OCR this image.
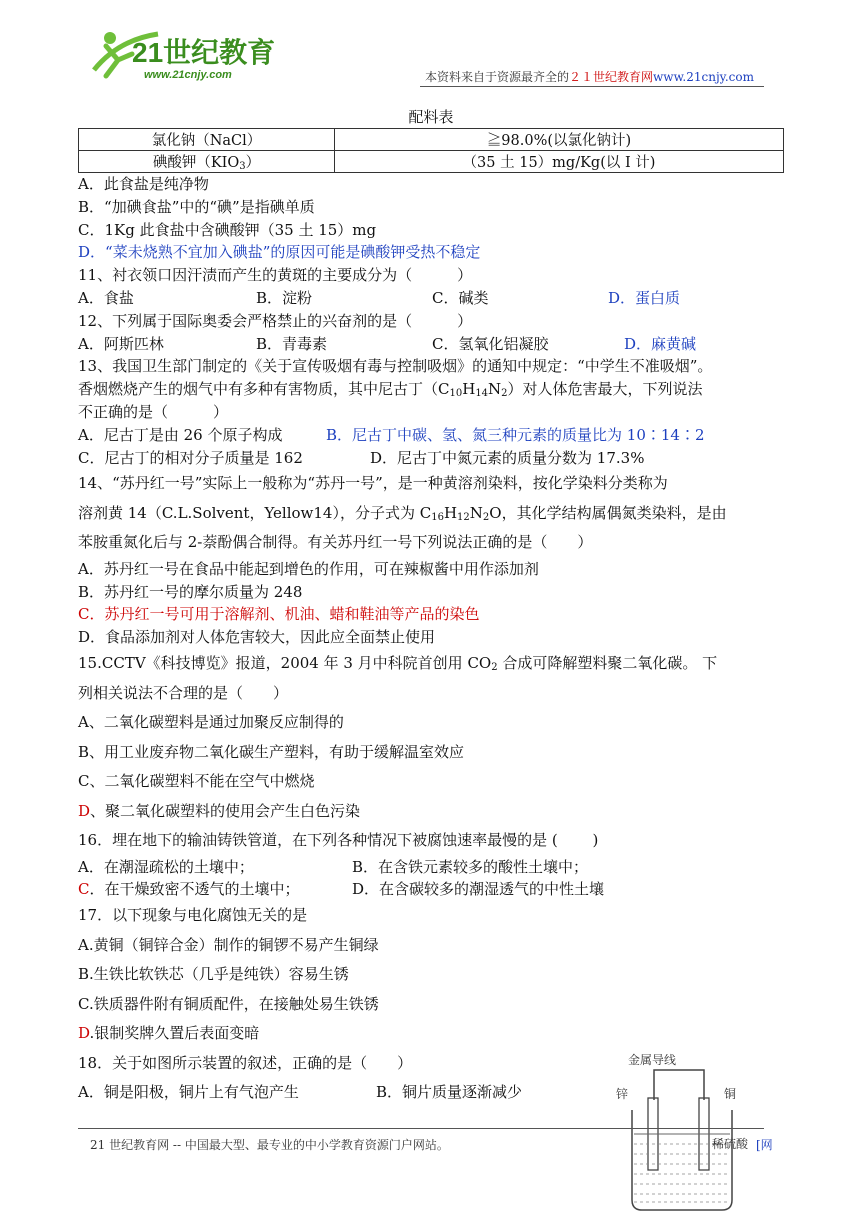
21世纪教育
www.21cnjy.com	本资料来自于资源最齐全的２１世纪教育网www.21cnjy.com
配料表
氯化钠（NaCl）	≧98.0%(以氯化钠计)
碘酸钾$(KIO_3)$	（35 土 15）mg/Kg(以 I 计)
A．此食盐是纯净物
B．“加碘食盐”中的“碘”是指碘单质
C．1Kg 此食盐中含碘酸钾（35 土 15）mg
D．“菜未烧熟不宜加入碘盐”的原因可能是碘酸钾受热不稳定
11、衬衣领口因汗渍而产生的黄斑的主要成分为（　　　）
A．食盐	B．淀粉	C．碱类	D．蛋白质
12、下列属于国际奥委会严格禁止的兴奋剂的是（　　　）
A．阿斯匹林	B．青毒素	C．氢氧化铝凝胶	D．麻黄碱
13、我国卫生部门制定的《关于宣传吸烟有毒与控制吸烟》的通知中规定：“中学生不准吸烟”。
香烟燃烧产生的烟气中有多种有害物质，其中尼古丁$(C_{10}H_{14}N_2)$对人体危害最大，下列说法
不正确的是（　　　）
A．尼古丁是由 26 个原子构成	B．尼古丁中碳、氢、氮三种元素的质量比为 10∶14∶2
C．尼古丁的相对分子质量是 162	D．尼古丁中氮元素的质量分数为 17.3%
14、“苏丹红一号”实际上一般称为“苏丹一号”，是一种黄溶剂染料，按化学染料分类称为
溶剂黄 14（C.L.Solvent，Yellow14），分子式为 $C_{16}H_{12}N_2O$，其化学结构属偶氮类染料，是由
苯胺重氮化后与 2-萘酚偶合制得。有关苏丹红一号下列说法正确的是（　　）
A．苏丹红一号在食品中能起到增色的作用，可在辣椒酱中用作添加剂
B．苏丹红一号的摩尔质量为 248
C．苏丹红一号可用于溶解剂、机油、蜡和鞋油等产品的染色
D．食品添加剂对人体危害较大，因此应全面禁止使用
15.CCTV《科技博览》报道，2004 年 3 月中科院首创用 $CO_2$ 合成可降解塑料聚二氧化碳。 下
列相关说法不合理的是（　　）
A、二氧化碳塑料是通过加聚反应制得的
B、用工业废弃物二氧化碳生产塑料，有助于缓解温室效应
C、二氧化碳塑料不能在空气中燃烧
D、聚二氧化碳塑料的使用会产生白色污染
16．埋在地下的输油铸铁管道，在下列各种情况下被腐蚀速率最慢的是 (　　 )
A．在潮湿疏松的土壤中；	B．在含铁元素较多的酸性土壤中；
C．在干燥致密不透气的土壤中；	D．在含碳较多的潮湿透气的中性土壤
17．以下现象与电化腐蚀无关的是
A.黄铜（铜锌合金）制作的铜锣不易产生铜绿
B.生铁比软铁芯（几乎是纯铁）容易生锈
C.铁质器件附有铜质配件，在接触处易生铁锈
D.银制奖牌久置后表面变暗
18．关于如图所示装置的叙述，正确的是（　　）
A．铜是阳极，铜片上有气泡产生	B．铜片质量逐渐减少
金属导线
锌	铜
稀硫酸
21 世纪教育网 -- 中国最大型、最专业的中小学教育资源门户网站。	[网
